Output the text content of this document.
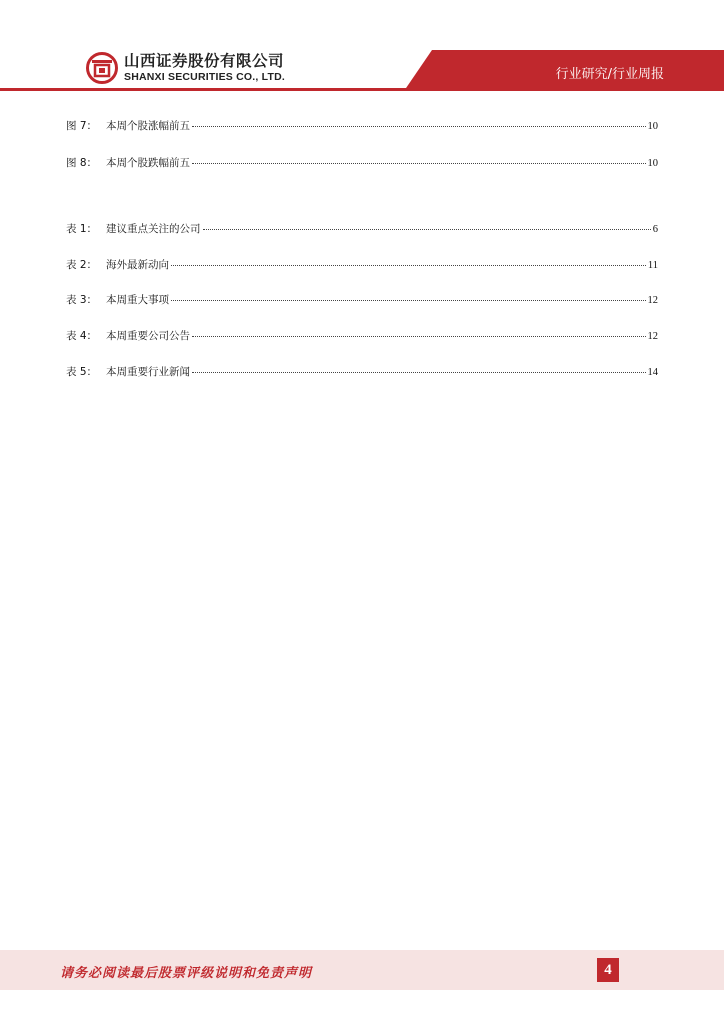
行业研究/行业周报
山西证券股份有限公司
SHANXI SECURITIES CO., LTD.
图 7： 本周个股涨幅前五	10
图 8： 本周个股跌幅前五	10
表 1： 建议重点关注的公司	6
表 2： 海外最新动向	11
表 3： 本周重大事项	12
表 4： 本周重要公司公告	12
表 5： 本周重要行业新闻	14
请务必阅读最后股票评级说明和免责声明	4
